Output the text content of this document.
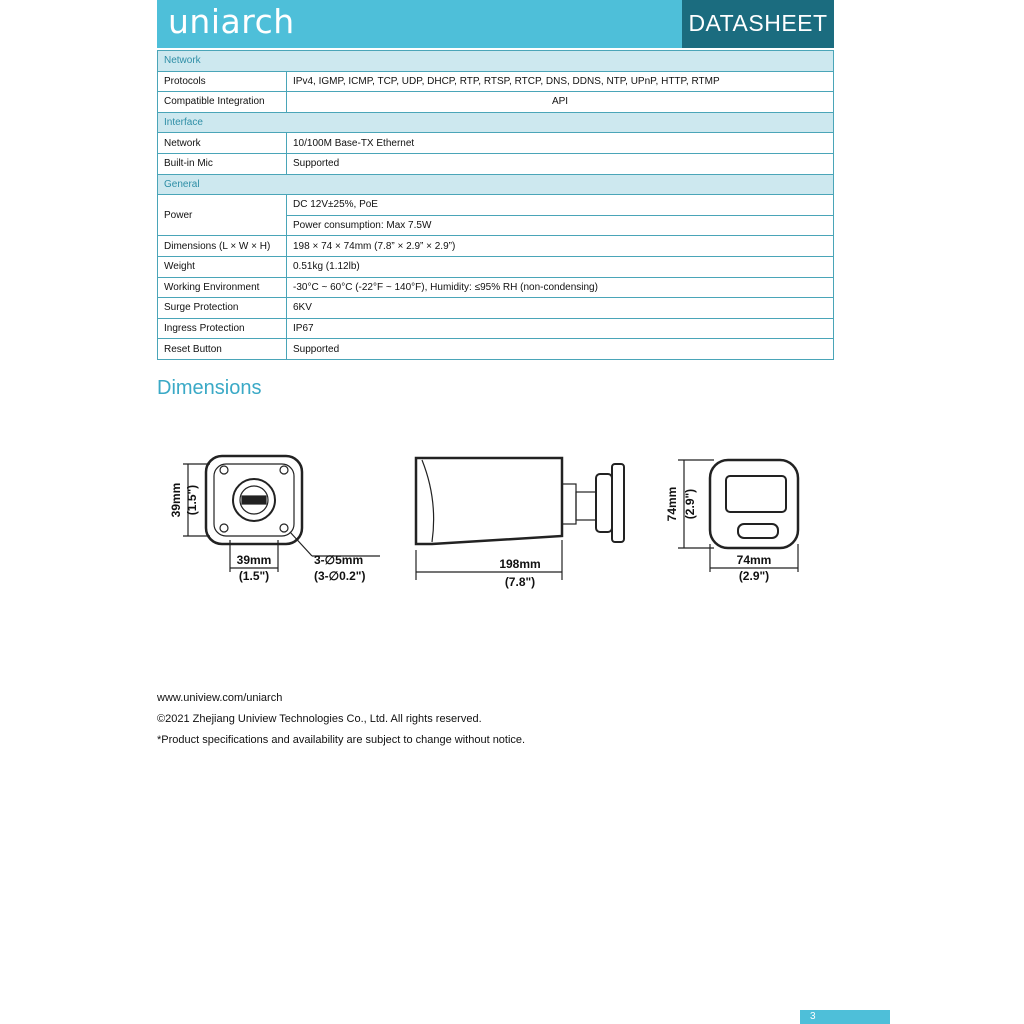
uniarch	DATASHEET
Network	
Protocols	IPv4, IGMP, ICMP, TCP, UDP, DHCP, RTP, RTSP, RTCP, DNS, DDNS, NTP, UPnP, HTTP, RTMP
Compatible Integration	API
Interface	
Network	10/100M Base-TX Ethernet
Built-in Mic	Supported
General	
Power	DC 12V±25%, PoE
	Power consumption: Max 7.5W
Dimensions (L × W × H)	198 × 74 × 74mm (7.8” × 2.9” × 2.9”)
Weight	0.51kg (1.12lb)
Working Environment	-30°C ~ 60°C (-22°F ~ 140°F), Humidity: ≤95% RH (non-condensing)
Surge Protection	6KV
Ingress Protection	IP67
Reset Button	Supported
Dimensions
39mm (1.5")
39mm
(1.5")
3-∅5mm
(3-∅0.2")
198mm
(7.8")
74mm (2.9")
74mm
(2.9")
www.uniview.com/uniarch
©2021 Zhejiang Uniview Technologies Co., Ltd. All rights reserved.
*Product specifications and availability are subject to change without notice.
3
